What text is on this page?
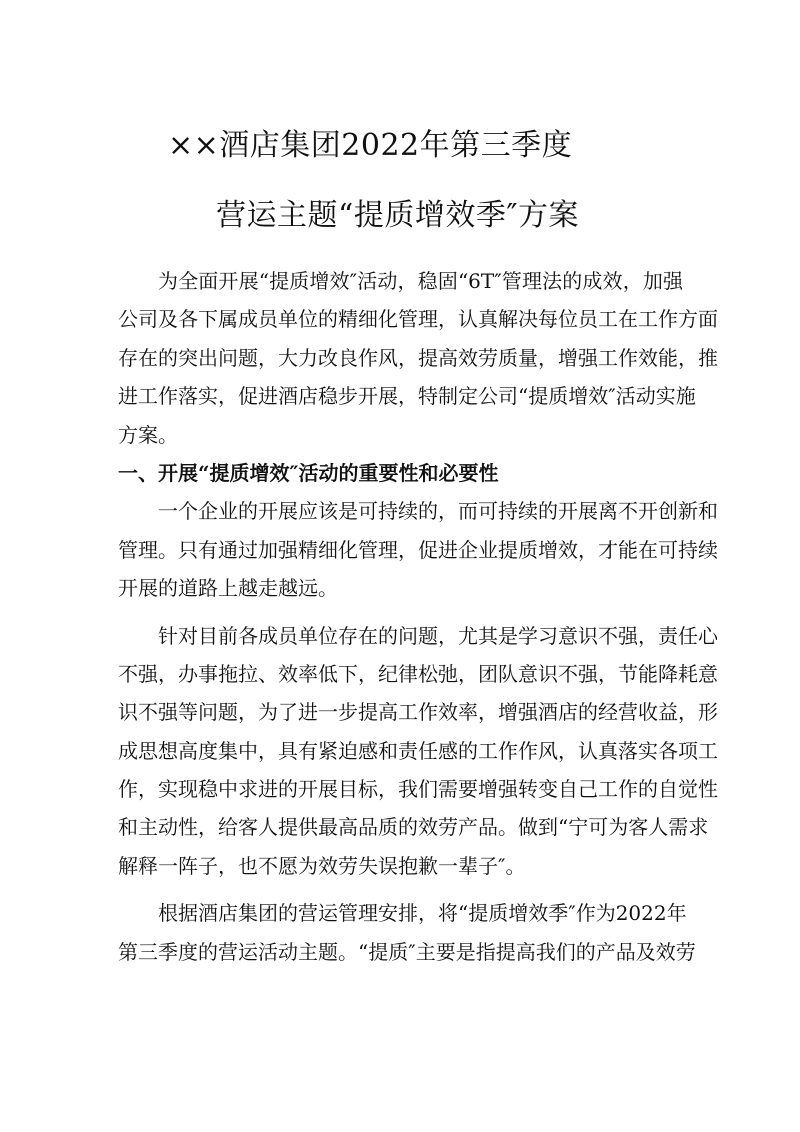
××酒店集团2022年第三季度
营运主题“提质增效季″方案
为全面开展“提质增效″活动，稳固“6T″管理法的成效，加强
公司及各下属成员单位的精细化管理，认真解决每位员工在工作方面
存在的突出问题，大力改良作风，提高效劳质量，增强工作效能，推
进工作落实，促进酒店稳步开展，特制定公司“提质增效″活动实施
方案。
一、开展“提质增效″活动的重要性和必要性
一个企业的开展应该是可持续的，而可持续的开展离不开创新和
管理。只有通过加强精细化管理，促进企业提质增效，才能在可持续
开展的道路上越走越远。
针对目前各成员单位存在的问题，尤其是学习意识不强，责任心
不强，办事拖拉、效率低下，纪律松弛，团队意识不强，节能降耗意
识不强等问题，为了进一步提高工作效率，增强酒店的经营收益，形
成思想高度集中，具有紧迫感和责任感的工作作风，认真落实各项工
作，实现稳中求进的开展目标，我们需要增强转变自己工作的自觉性
和主动性，给客人提供最高品质的效劳产品。做到“宁可为客人需求
解释一阵子，也不愿为效劳失误抱歉一辈子″。
根据酒店集团的营运管理安排，将“提质增效季″作为2022年
第三季度的营运活动主题。“提质″主要是指提高我们的产品及效劳
